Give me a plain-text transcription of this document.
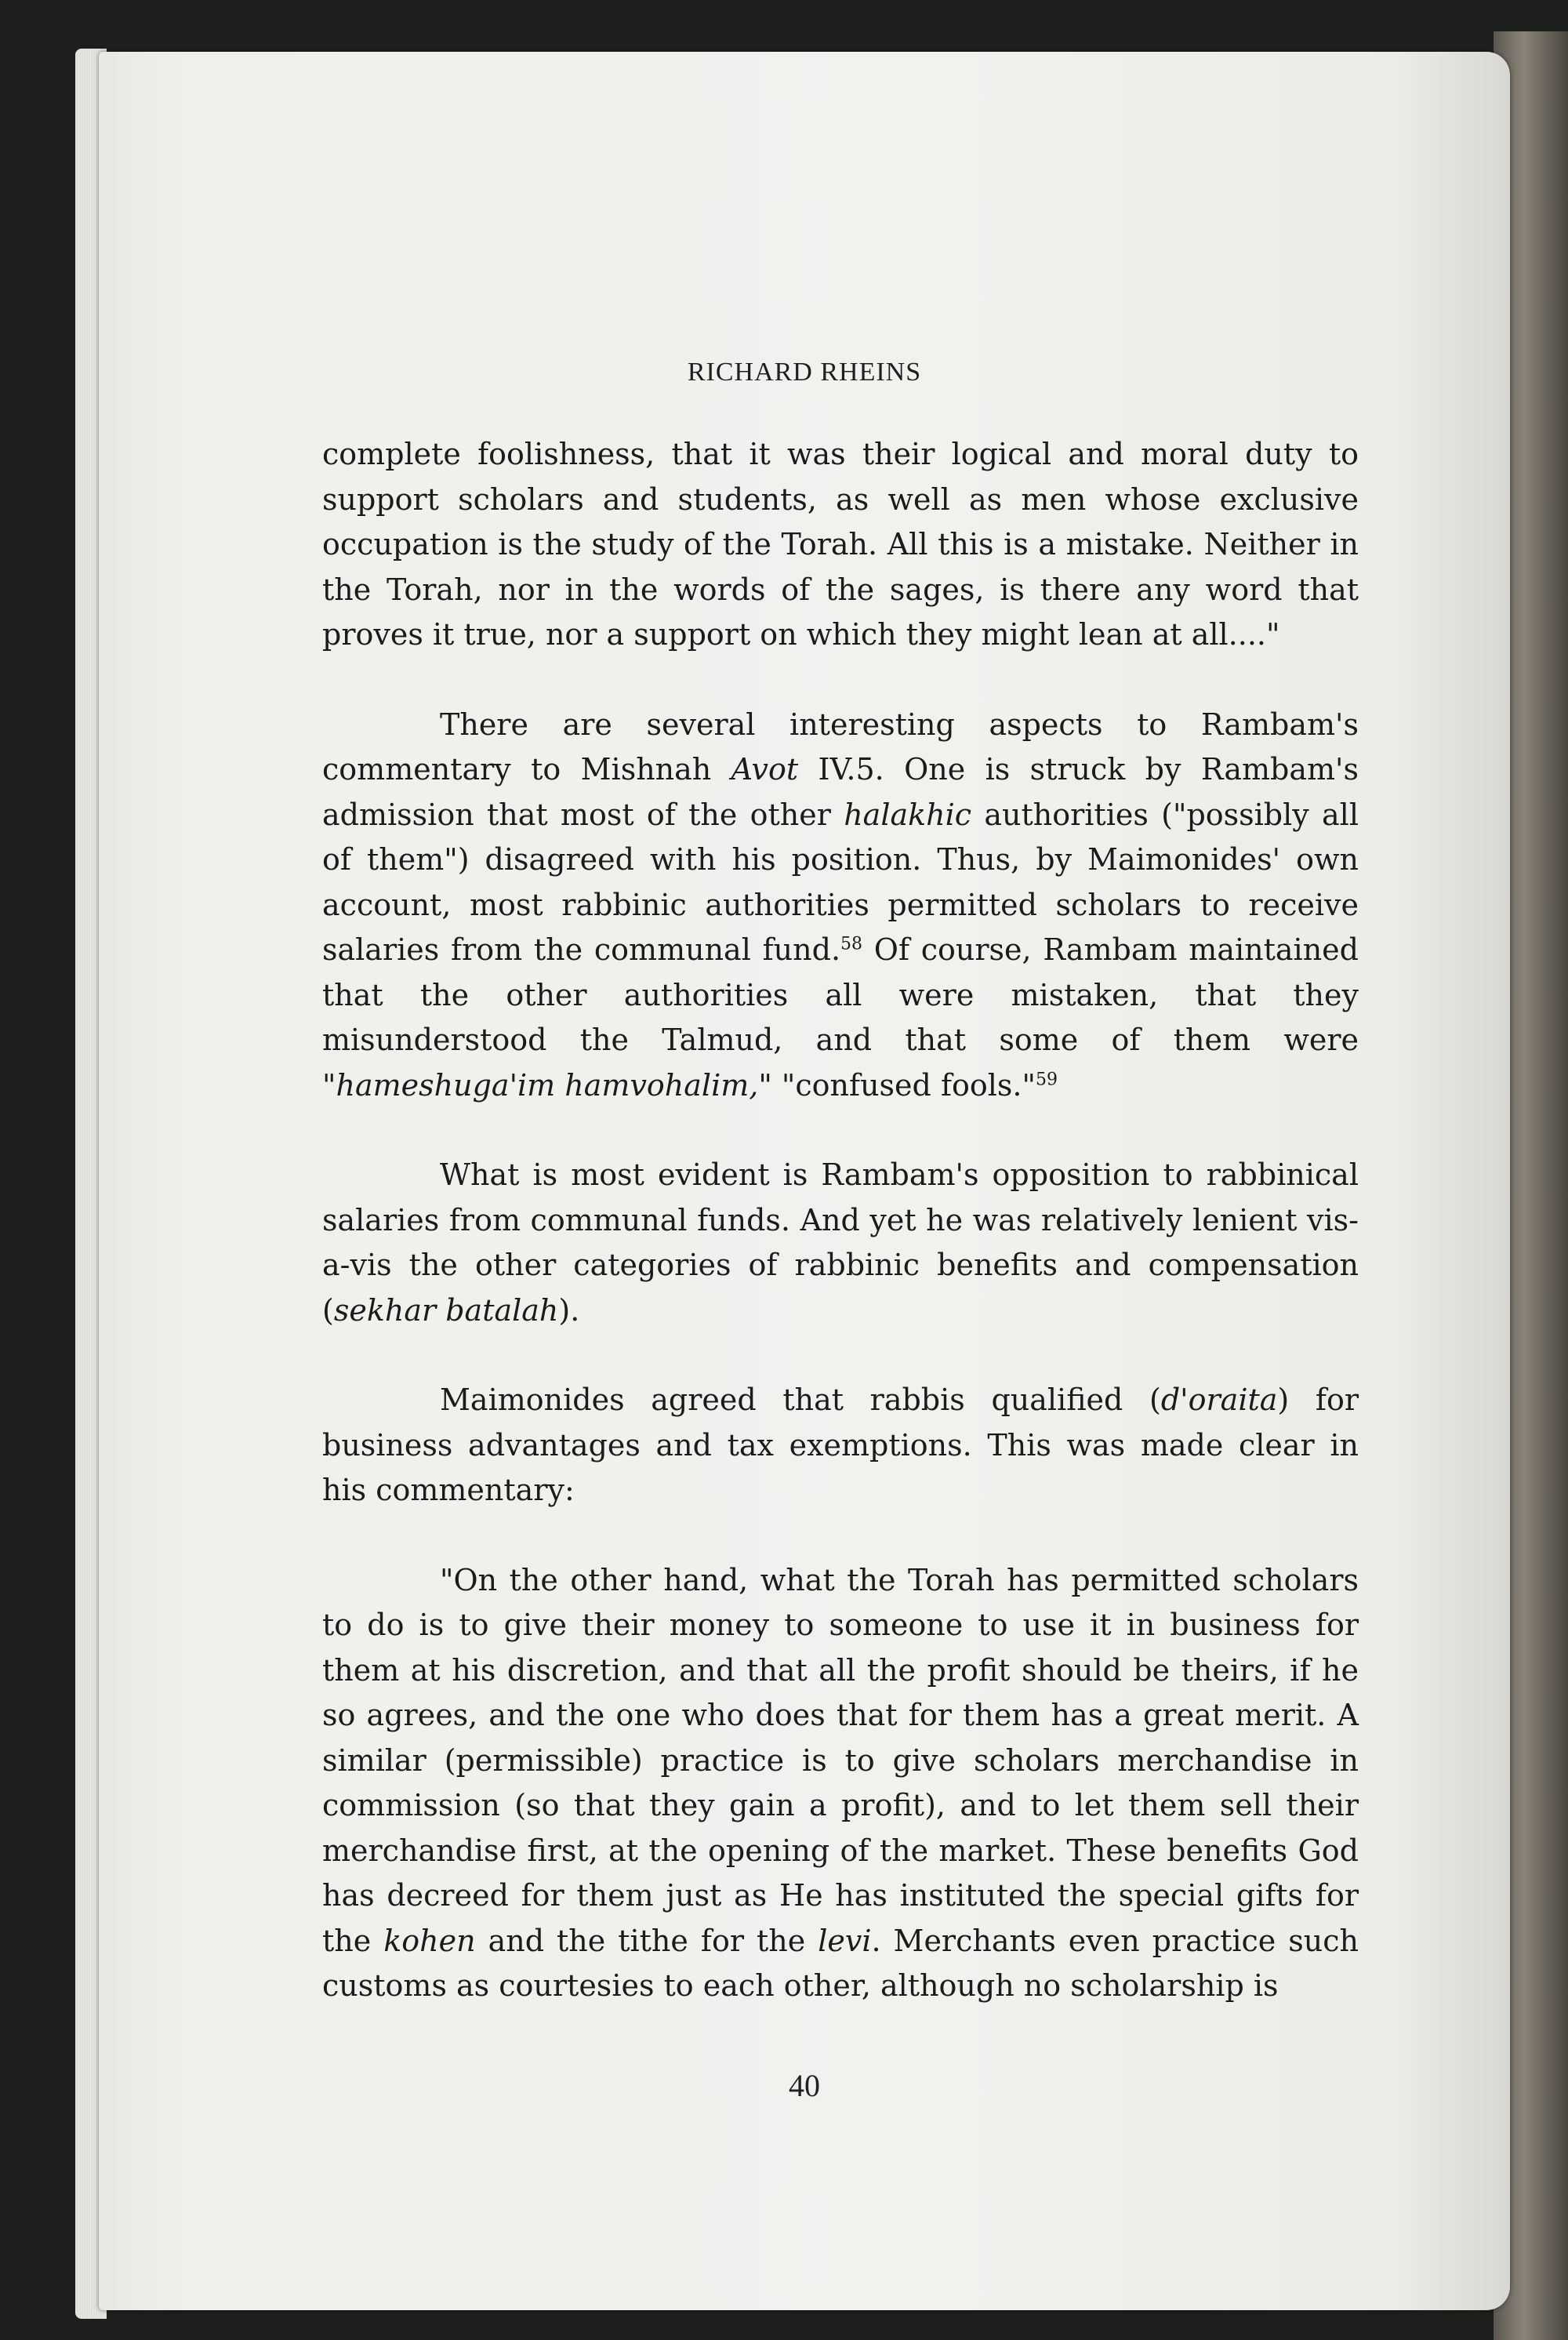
RICHARD RHEINS

complete foolishness, that it was their logical and moral duty to support scholars and students, as well as men whose exclusive occupation is the study of the Torah. All this is a mistake. Neither in the Torah, nor in the words of the sages, is there any word that proves it true, nor a support on which they might lean at all...."

There are several interesting aspects to Rambam's commentary to Mishnah Avot IV.5. One is struck by Rambam's admission that most of the other halakhic authorities ("possibly all of them") disagreed with his position. Thus, by Maimonides' own account, most rabbinic authorities permitted scholars to receive salaries from the communal fund.$^{58}$ Of course, Rambam maintained that the other authorities all were mistaken, that they misunderstood the Talmud, and that some of them were "hameshuga'im hamvohalim," "confused fools."$^{59}$

What is most evident is Rambam's opposition to rabbinical salaries from communal funds. And yet he was relatively lenient vis-a-vis the other categories of rabbinic benefits and compensation (sekhar batalah).

Maimonides agreed that rabbis qualified (d'oraita) for business advantages and tax exemptions. This was made clear in his commentary:

"On the other hand, what the Torah has permitted scholars to do is to give their money to someone to use it in business for them at his discretion, and that all the profit should be theirs, if he so agrees, and the one who does that for them has a great merit. A similar (permissible) practice is to give scholars merchandise in commission (so that they gain a profit), and to let them sell their merchandise first, at the opening of the market. These benefits God has decreed for them just as He has instituted the special gifts for the kohen and the tithe for the levi. Merchants even practice such customs as courtesies to each other, although no scholarship is

40
